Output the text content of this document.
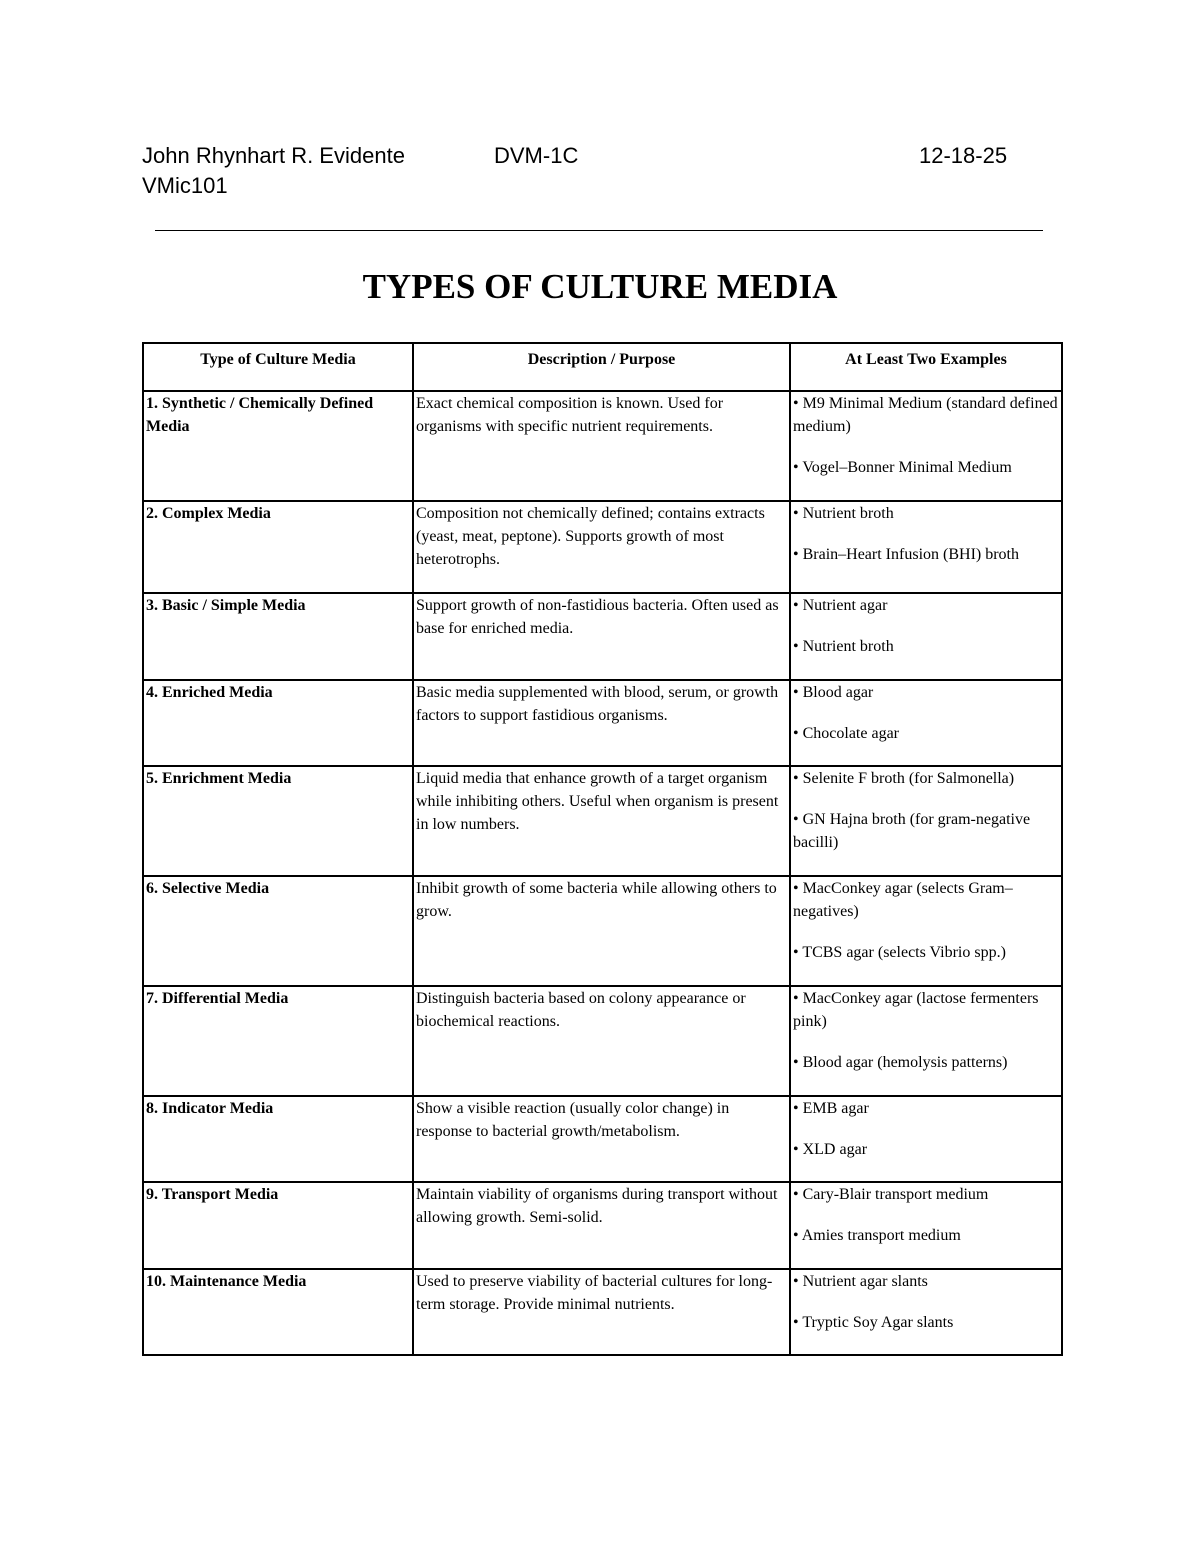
John Rhynhart R. Evidente	DVM-1C	12-18-25
VMic101
TYPES OF CULTURE MEDIA
Type of Culture Media	Description / Purpose	At Least Two Examples
1. Synthetic / Chemically Defined Media	Exact chemical composition is known. Used for organisms with specific nutrient requirements.	• M9 Minimal Medium (standard defined medium)
• Vogel–Bonner Minimal Medium

2. Complex Media	Composition not chemically defined; contains extracts (yeast, meat, peptone). Supports growth of most heterotrophs.	• Nutrient broth
• Brain–Heart Infusion (BHI) broth

3. Basic / Simple Media	Support growth of non-fastidious bacteria. Often used as base for enriched media.	• Nutrient agar
• Nutrient broth

4. Enriched Media	Basic media supplemented with blood, serum, or growth factors to support fastidious organisms.	• Blood agar
• Chocolate agar

5. Enrichment Media	Liquid media that enhance growth of a target organism while inhibiting others. Useful when organism is present in low numbers.	• Selenite F broth (for Salmonella)
• GN Hajna broth (for gram-negative bacilli)

6. Selective Media	Inhibit growth of some bacteria while allowing others to grow.	• MacConkey agar (selects Gram–negatives)
• TCBS agar (selects Vibrio spp.)

7. Differential Media	Distinguish bacteria based on colony appearance or biochemical reactions.	• MacConkey agar (lactose fermenters pink)
• Blood agar (hemolysis patterns)

8. Indicator Media	Show a visible reaction (usually color change) in response to bacterial growth/metabolism.	• EMB agar
• XLD agar

9. Transport Media	Maintain viability of organisms during transport without allowing growth. Semi-solid.	• Cary-Blair transport medium
• Amies transport medium

10. Maintenance Media	Used to preserve viability of bacterial cultures for long-term storage. Provide minimal nutrients.	• Nutrient agar slants
• Tryptic Soy Agar slants
